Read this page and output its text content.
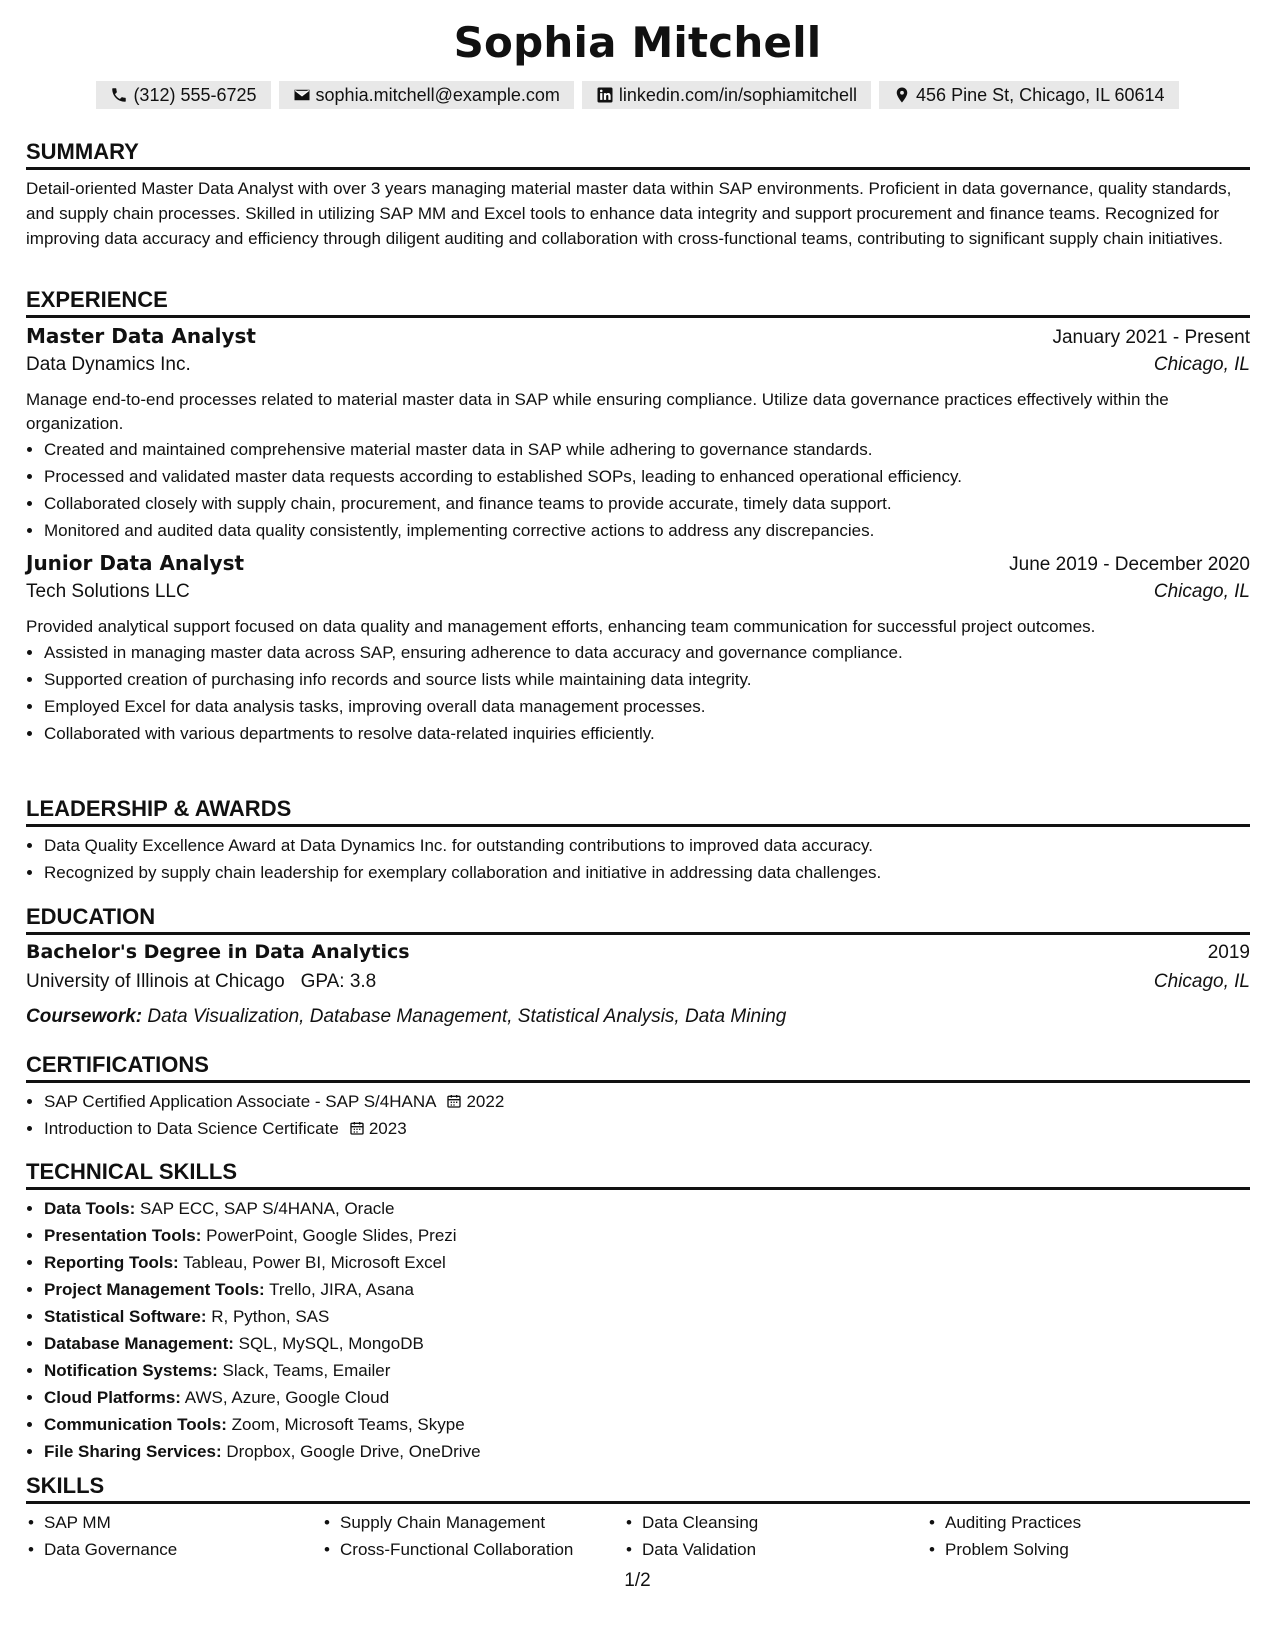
Sophia Mitchell
(312) 555-6725	sophia.mitchell@example.com	linkedin.com/in/sophiamitchell	456 Pine St, Chicago, IL 60614
SUMMARY
Detail-oriented Master Data Analyst with over 3 years managing material master data within SAP environments. Proficient in data governance, quality standards, and supply chain processes. Skilled in utilizing SAP MM and Excel tools to enhance data integrity and support procurement and finance teams. Recognized for improving data accuracy and efficiency through diligent auditing and collaboration with cross-functional teams, contributing to significant supply chain initiatives.
EXPERIENCE
Master Data Analyst	January 2021 - Present
Data Dynamics Inc.	Chicago, IL
Manage end-to-end processes related to material master data in SAP while ensuring compliance. Utilize data governance practices effectively within the organization.
• Created and maintained comprehensive material master data in SAP while adhering to governance standards.
• Processed and validated master data requests according to established SOPs, leading to enhanced operational efficiency.
• Collaborated closely with supply chain, procurement, and finance teams to provide accurate, timely data support.
• Monitored and audited data quality consistently, implementing corrective actions to address any discrepancies.
Junior Data Analyst	June 2019 - December 2020
Tech Solutions LLC	Chicago, IL
Provided analytical support focused on data quality and management efforts, enhancing team communication for successful project outcomes.
• Assisted in managing master data across SAP, ensuring adherence to data accuracy and governance compliance.
• Supported creation of purchasing info records and source lists while maintaining data integrity.
• Employed Excel for data analysis tasks, improving overall data management processes.
• Collaborated with various departments to resolve data-related inquiries efficiently.
LEADERSHIP & AWARDS
• Data Quality Excellence Award at Data Dynamics Inc. for outstanding contributions to improved data accuracy.
• Recognized by supply chain leadership for exemplary collaboration and initiative in addressing data challenges.
EDUCATION
Bachelor's Degree in Data Analytics	2019
University of Illinois at Chicago GPA: 3.8	Chicago, IL
Coursework: Data Visualization, Database Management, Statistical Analysis, Data Mining
CERTIFICATIONS
• SAP Certified Application Associate - SAP S/4HANA 2022
• Introduction to Data Science Certificate 2023
TECHNICAL SKILLS
• Data Tools: SAP ECC, SAP S/4HANA, Oracle
• Presentation Tools: PowerPoint, Google Slides, Prezi
• Reporting Tools: Tableau, Power BI, Microsoft Excel
• Project Management Tools: Trello, JIRA, Asana
• Statistical Software: R, Python, SAS
• Database Management: SQL, MySQL, MongoDB
• Notification Systems: Slack, Teams, Emailer
• Cloud Platforms: AWS, Azure, Google Cloud
• Communication Tools: Zoom, Microsoft Teams, Skype
• File Sharing Services: Dropbox, Google Drive, OneDrive
SKILLS
• SAP MM	• Supply Chain Management	• Data Cleansing	• Auditing Practices
• Data Governance	• Cross-Functional Collaboration	• Data Validation	• Problem Solving
1/2
